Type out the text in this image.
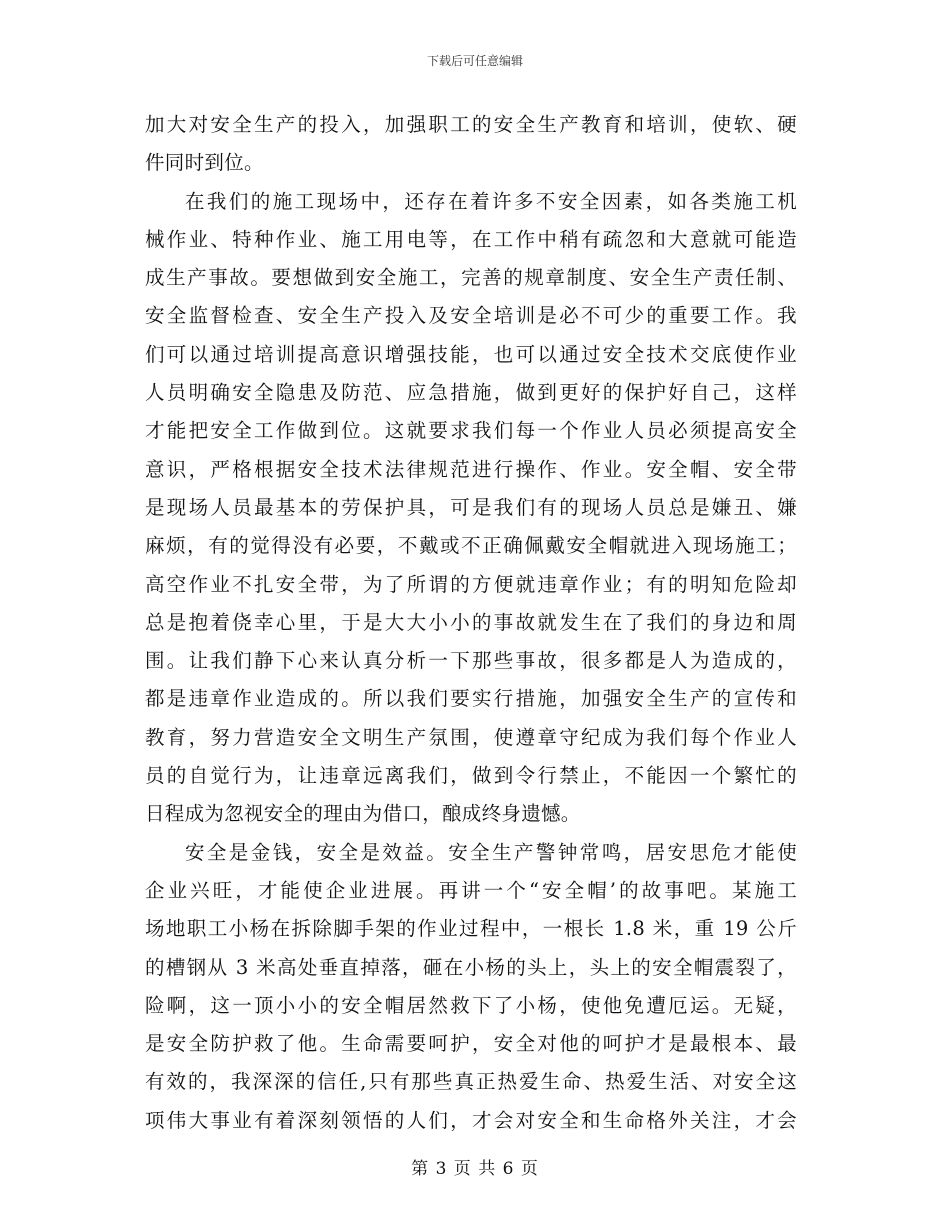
下载后可任意编辑
加大对安全生产的投入，加强职工的安全生产教育和培训，使软、硬
件同时到位。
在我们的施工现场中，还存在着许多不安全因素，如各类施工机
械作业、特种作业、施工用电等，在工作中稍有疏忽和大意就可能造
成生产事故。要想做到安全施工，完善的规章制度、安全生产责任制、
安全监督检查、安全生产投入及安全培训是必不可少的重要工作。我
们可以通过培训提高意识增强技能，也可以通过安全技术交底使作业
人员明确安全隐患及防范、应急措施，做到更好的保护好自己，这样
才能把安全工作做到位。这就要求我们每一个作业人员必须提高安全
意识，严格根据安全技术法律规范进行操作、作业。安全帽、安全带
是现场人员最基本的劳保护具，可是我们有的现场人员总是嫌丑、嫌
麻烦，有的觉得没有必要，不戴或不正确佩戴安全帽就进入现场施工；
高空作业不扎安全带，为了所谓的方便就违章作业；有的明知危险却
总是抱着侥幸心里，于是大大小小的事故就发生在了我们的身边和周
围。让我们静下心来认真分析一下那些事故，很多都是人为造成的，
都是违章作业造成的。所以我们要实行措施，加强安全生产的宣传和
教育，努力营造安全文明生产氛围，使遵章守纪成为我们每个作业人
员的自觉行为，让违章远离我们，做到令行禁止，不能因一个繁忙的
日程成为忽视安全的理由为借口，酿成终身遗憾。
安全是金钱，安全是效益。安全生产警钟常鸣，居安思危才能使
企业兴旺，才能使企业进展。再讲一个“安全帽’的故事吧。某施工
场地职工小杨在拆除脚手架的作业过程中，一根长 1.8 米，重 19 公斤
的槽钢从 3 米高处垂直掉落，砸在小杨的头上，头上的安全帽震裂了，
险啊，这一顶小小的安全帽居然救下了小杨，使他免遭厄运。无疑，
是安全防护救了他。生命需要呵护，安全对他的呵护才是最根本、最
有效的，我深深的信任,只有那些真正热爱生命、热爱生活、对安全这
项伟大事业有着深刻领悟的人们，才会对安全和生命格外关注，才会
第 3 页 共 6 页
